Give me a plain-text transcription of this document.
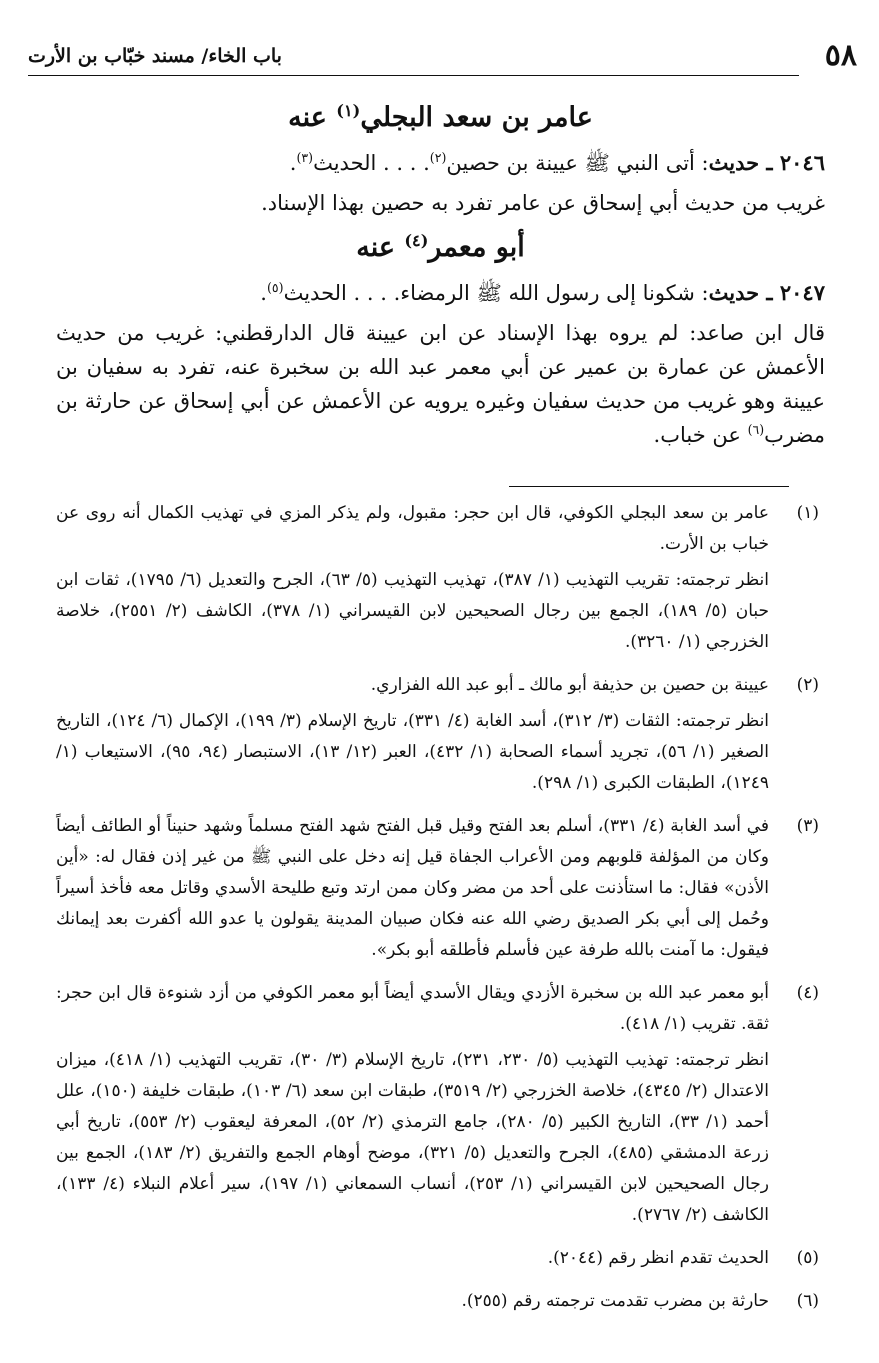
باب الخاء/ مسند خبّاب بن الأرت	٥٨
عامر بن سعد البجلي$^{(١)}$ عنه

٢٠٤٦ ـ حديث: أتى النبي ﷺ عيينة بن حصين$^{(٢)}$. . . . الحديث$^{(٣)}$.

غريب من حديث أبي إسحاق عن عامر تفرد به حصين بهذا الإسناد.

أبو معمر$^{(٤)}$ عنه

٢٠٤٧ ـ حديث: شكونا إلى رسول الله ﷺ الرمضاء. . . . الحديث$^{(٥)}$.

قال ابن صاعد: لم يروه بهذا الإسناد عن ابن عيينة قال الدارقطني: غريب من حديث الأعمش عن عمارة بن عمير عن أبي معمر عبد الله بن سخبرة عنه، تفرد به سفيان بن عيينة وهو غريب من حديث سفيان وغيره يرويه عن الأعمش عن أبي إسحاق عن حارثة بن مضرب$^{(٦)}$ عن خباب.

(١)

عامر بن سعد البجلي الكوفي، قال ابن حجر: مقبول، ولم يذكر المزي في تهذيب الكمال أنه روى عن خباب بن الأرت.

انظر ترجمته: تقريب التهذيب (١/ ٣٨٧)، تهذيب التهذيب (٥/ ٦٣)، الجرح والتعديل (٦/ ١٧٩٥)، ثقات ابن حبان (٥/ ١٨٩)، الجمع بين رجال الصحيحين لابن القيسراني (١/ ٣٧٨)، الكاشف (٢/ ٢٥٥١)، خلاصة الخزرجي (١/ ٣٢٦٠).

(٢)

عيينة بن حصين بن حذيفة أبو مالك ـ أبو عبد الله الفزاري.

انظر ترجمته: الثقات (٣/ ٣١٢)، أسد الغابة (٤/ ٣٣١)، تاريخ الإسلام (٣/ ١٩٩)، الإكمال (٦/ ١٢٤)، التاريخ الصغير (١/ ٥٦)، تجريد أسماء الصحابة (١/ ٤٣٢)، العبر (١٢/ ١٣)، الاستبصار (٩٤، ٩٥)، الاستيعاب (١/ ١٢٤٩)، الطبقات الكبرى (١/ ٢٩٨).

(٣)

في أسد الغابة (٤/ ٣٣١)، أسلم بعد الفتح وقيل قبل الفتح شهد الفتح مسلماً وشهد حنيناً أو الطائف أيضاً وكان من المؤلفة قلوبهم ومن الأعراب الجفاة قيل إنه دخل على النبي ﷺ من غير إذن فقال له: «أين الأذن» فقال: ما استأذنت على أحد من مضر وكان ممن ارتد وتبع طليحة الأسدي وقاتل معه فأخذ أسيراً وحُمل إلى أبي بكر الصديق رضي الله عنه فكان صبيان المدينة يقولون يا عدو الله أكفرت بعد إيمانك فيقول: ما آمنت بالله طرفة عين فأسلم فأطلقه أبو بكر».

(٤)

أبو معمر عبد الله بن سخبرة الأزدي ويقال الأسدي أيضاً أبو معمر الكوفي من أزد شنوءة قال ابن حجر: ثقة. تقريب (١/ ٤١٨).

انظر ترجمته: تهذيب التهذيب (٥/ ٢٣٠، ٢٣١)، تاريخ الإسلام (٣/ ٣٠)، تقريب التهذيب (١/ ٤١٨)، ميزان الاعتدال (٢/ ٤٣٤٥)، خلاصة الخزرجي (٢/ ٣٥١٩)، طبقات ابن سعد (٦/ ١٠٣)، طبقات خليفة (١٥٠)، علل أحمد (١/ ٣٣)، التاريخ الكبير (٥/ ٢٨٠)، جامع الترمذي (٢/ ٥٢)، المعرفة ليعقوب (٢/ ٥٥٣)، تاريخ أبي زرعة الدمشقي (٤٨٥)، الجرح والتعديل (٥/ ٣٢١)، موضح أوهام الجمع والتفريق (٢/ ١٨٣)، الجمع بين رجال الصحيحين لابن القيسراني (١/ ٢٥٣)، أنساب السمعاني (١/ ١٩٧)، سير أعلام النبلاء (٤/ ١٣٣)، الكاشف (٢/ ٢٧٦٧).

(٥)

الحديث تقدم انظر رقم (٢٠٤٤).

(٦)

حارثة بن مضرب تقدمت ترجمته رقم (٢٥٥).
